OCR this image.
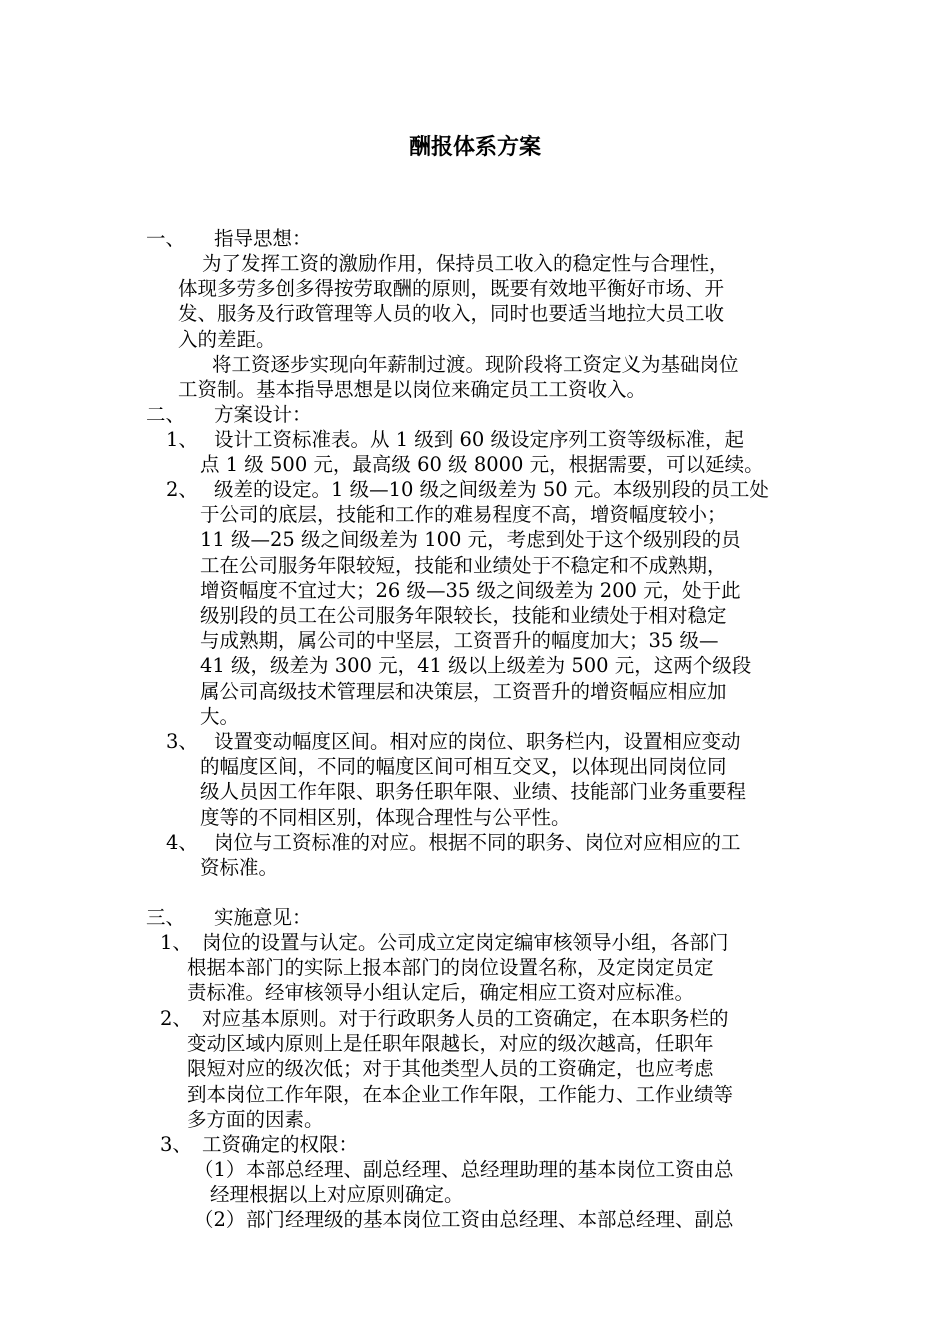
酬报体系方案
一、 指导思想：
为了发挥工资的激励作用，保持员工收入的稳定性与合理性，
体现多劳多创多得按劳取酬的原则，既要有效地平衡好市场、开
发、服务及行政管理等人员的收入，同时也要适当地拉大员工收
入的差距。
将工资逐步实现向年薪制过渡。现阶段将工资定义为基础岗位
工资制。基本指导思想是以岗位来确定员工工资收入。
二、 方案设计：
1、 设计工资标准表。从 1 级到 60 级设定序列工资等级标准，起
点 1 级 500 元，最高级 60 级 8000 元，根据需要，可以延续。
2、 级差的设定。1 级—10 级之间级差为 50 元。本级别段的员工处
于公司的底层，技能和工作的难易程度不高，增资幅度较小；
11 级—25 级之间级差为 100 元，考虑到处于这个级别段的员
工在公司服务年限较短，技能和业绩处于不稳定和不成熟期，
增资幅度不宜过大；26 级—35 级之间级差为 200 元，处于此
级别段的员工在公司服务年限较长，技能和业绩处于相对稳定
与成熟期，属公司的中坚层，工资晋升的幅度加大；35 级—
41 级，级差为 300 元，41 级以上级差为 500 元，这两个级段
属公司高级技术管理层和决策层，工资晋升的增资幅应相应加
大。
3、 设置变动幅度区间。相对应的岗位、职务栏内，设置相应变动
的幅度区间，不同的幅度区间可相互交叉，以体现出同岗位同
级人员因工作年限、职务任职年限、业绩、技能部门业务重要程
度等的不同相区别，体现合理性与公平性。
4、 岗位与工资标准的对应。根据不同的职务、岗位对应相应的工
资标准。
三、 实施意见：
1、 岗位的设置与认定。公司成立定岗定编审核领导小组，各部门
根据本部门的实际上报本部门的岗位设置名称，及定岗定员定
责标准。经审核领导小组认定后，确定相应工资对应标准。
2、 对应基本原则。对于行政职务人员的工资确定，在本职务栏的
变动区域内原则上是任职年限越长，对应的级次越高，任职年
限短对应的级次低；对于其他类型人员的工资确定，也应考虑
到本岗位工作年限，在本企业工作年限，工作能力、工作业绩等
多方面的因素。
3、 工资确定的权限：
（1） 本部总经理、副总经理、总经理助理的基本岗位工资由总
经理根据以上对应原则确定。
（2） 部门经理级的基本岗位工资由总经理、本部总经理、副总
